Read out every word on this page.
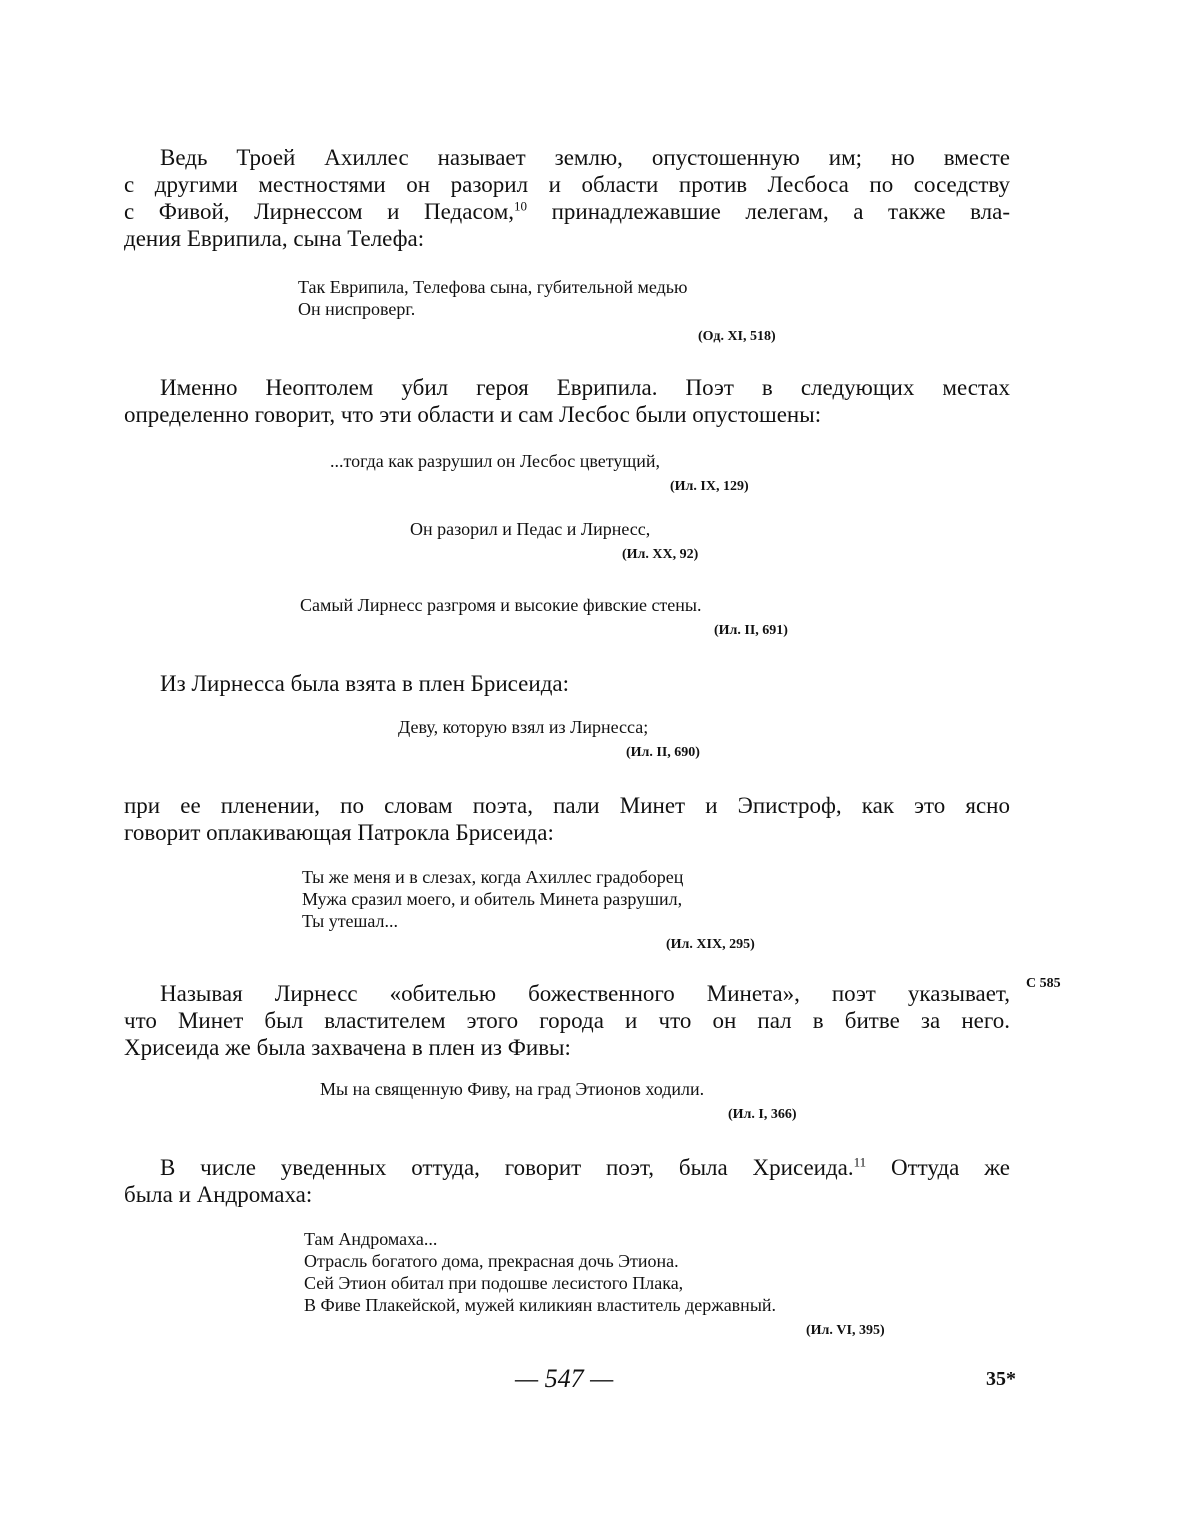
Ведь Троей Ахиллес называет землю, опустошенную им; но вместе
с другими местностями он разорил и области против Лесбоса по соседству
с Фивой, Лирнессом и Педасом,10 принадлежавшие лелегам, а также вла-
дения Еврипила, сына Телефа:
Так Еврипила, Телефова сына, губительной медью
Он ниспроверг.
(Од. XI, 518)
Именно Неоптолем убил героя Еврипила. Поэт в следующих местах
определенно говорит, что эти области и сам Лесбос были опустошены:
...тогда как разрушил он Лесбос цветущий,
(Ил. IX, 129)
Он разорил и Педас и Лирнесс,
(Ил. XX, 92)
Самый Лирнесс разгромя и высокие фивские стены.
(Ил. II, 691)
Из Лирнесса была взята в плен Брисеида:
Деву, которую взял из Лирнесса;
(Ил. II, 690)
при ее пленении, по словам поэта, пали Минет и Эпистроф, как это ясно
говорит оплакивающая Патрокла Брисеида:
Ты же меня и в слезах, когда Ахиллес градоборец
Мужа сразил моего, и обитель Минета разрушил,
Ты утешал...
(Ил. XIX, 295)
Называя Лирнесс «обителью божественного Минета», поэт указывает,
что Минет был властителем этого города и что он пал в битве за него.
Хрисеида же была захвачена в плен из Фивы:
С 585
Мы на священную Фиву, на град Этионов ходили.
(Ил. I, 366)
В числе уведенных оттуда, говорит поэт, была Хрисеида.11 Оттуда же
была и Андромаха:
Там Андромаха...
Отрасль богатого дома, прекрасная дочь Этиона.
Сей Этион обитал при подошве лесистого Плака,
В Фиве Плакейской, мужей киликиян властитель державный.
(Ил. VI, 395)
— 547 —	35*
